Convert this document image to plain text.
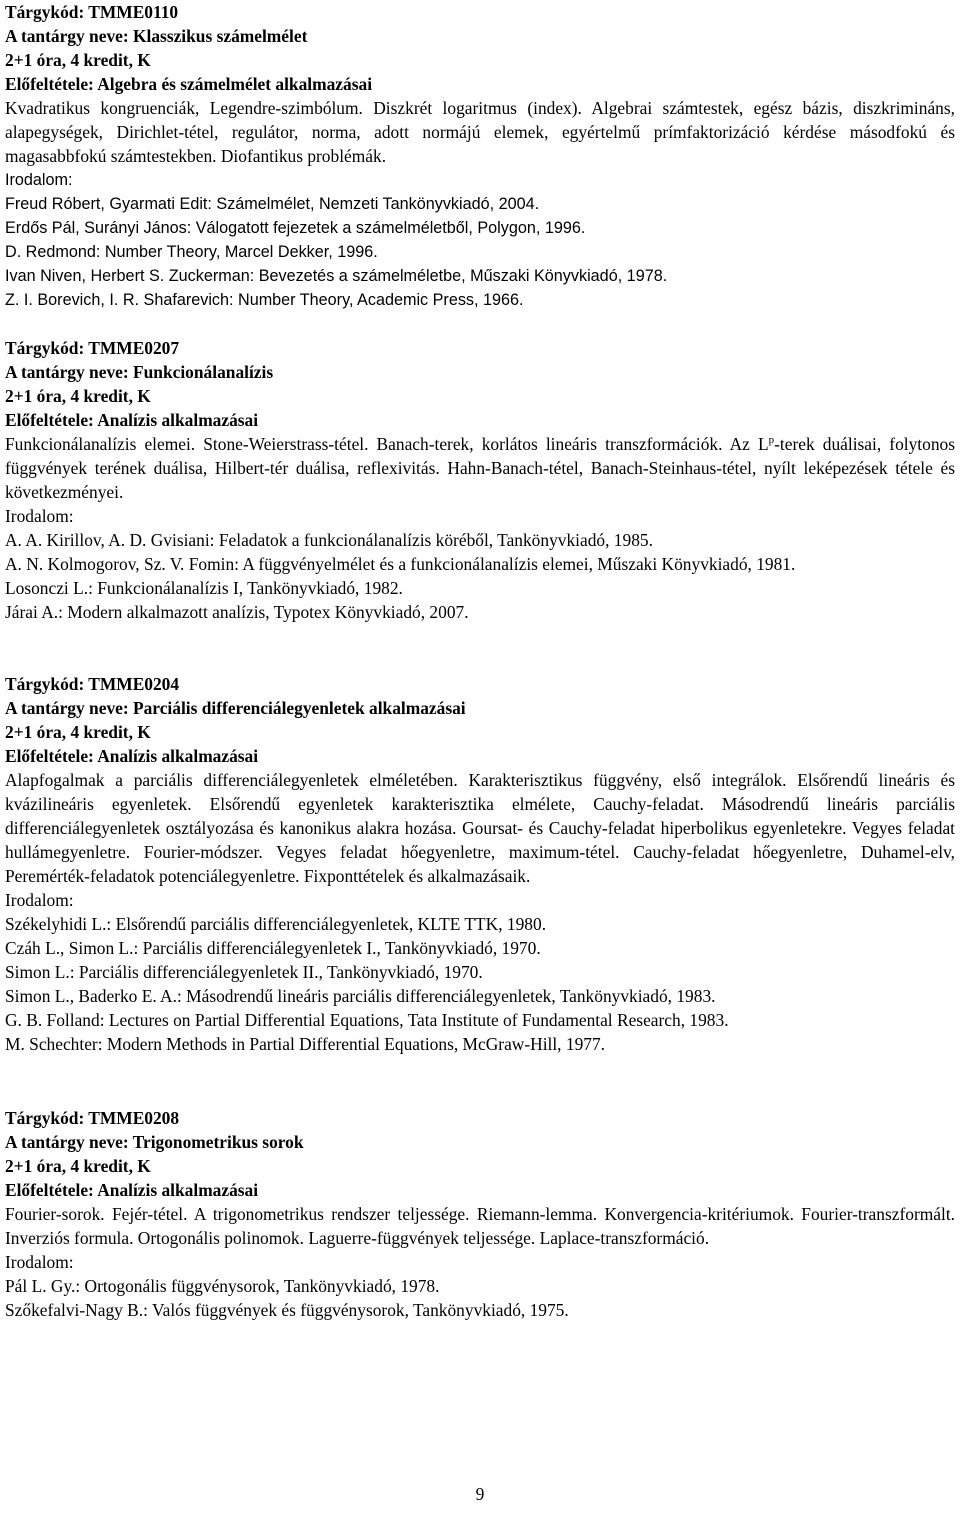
Tárgykód: TMME0110
A tantárgy neve: Klasszikus számelmélet
2+1 óra, 4 kredit, K
Előfeltétele: Algebra és számelmélet alkalmazásai

Kvadratikus kongruenciák, Legendre-szimbólum. Diszkrét logaritmus (index). Algebrai számtestek, egész bázis, diszkrimináns, alapegységek, Dirichlet-tétel, regulátor, norma, adott normájú elemek, egyértelmű prímfaktorizáció kérdése másodfokú és magasabbfokú számtestekben. Diofantikus problémák.

Irodalom:

Freud Róbert, Gyarmati Edit: Számelmélet, Nemzeti Tankönyvkiadó, 2004.

Erdős Pál, Surányi János: Válogatott fejezetek a számelméletből, Polygon, 1996.

D. Redmond: Number Theory, Marcel Dekker, 1996.

Ivan Niven, Herbert S. Zuckerman: Bevezetés a számelméletbe, Műszaki Könyvkiadó, 1978.

Z. I. Borevich, I. R. Shafarevich: Number Theory, Academic Press, 1966.

Tárgykód: TMME0207
A tantárgy neve: Funkcionálanalízis
2+1 óra, 4 kredit, K
Előfeltétele: Analízis alkalmazásai

Funkcionálanalízis elemei. Stone-Weierstrass-tétel. Banach-terek, korlátos lineáris transzformációk. Az $L^p$-terek duálisai, folytonos függvények terének duálisa, Hilbert-tér duálisa, reflexivitás. Hahn-Banach-tétel, Banach-Steinhaus-tétel, nyílt leképezések tétele és következményei.

Irodalom:

A. A. Kirillov, A. D. Gvisiani: Feladatok a funkcionálanalízis köréből, Tankönyvkiadó, 1985.

A. N. Kolmogorov, Sz. V. Fomin: A függvényelmélet és a funkcionálanalízis elemei, Műszaki Könyvkiadó, 1981.

Losonczi L.: Funkcionálanalízis I, Tankönyvkiadó, 1982.

Járai A.: Modern alkalmazott analízis, Typotex Könyvkiadó, 2007.

Tárgykód: TMME0204
A tantárgy neve: Parciális differenciálegyenletek alkalmazásai
2+1 óra, 4 kredit, K
Előfeltétele: Analízis alkalmazásai

Alapfogalmak a parciális differenciálegyenletek elméletében. Karakterisztikus függvény, első integrálok. Elsőrendű lineáris és kvázilineáris egyenletek. Elsőrendű egyenletek karakterisztika elmélete, Cauchy-feladat. Másodrendű lineáris parciális differenciálegyenletek osztályozása és kanonikus alakra hozása. Goursat- és Cauchy-feladat hiperbolikus egyenletekre. Vegyes feladat hullámegyenletre. Fourier-módszer. Vegyes feladat hőegyenletre, maximum-tétel. Cauchy-feladat hőegyenletre, Duhamel-elv, Peremérték-feladatok potenciálegyenletre. Fixponttételek és alkalmazásaik.

Irodalom:

Székelyhidi L.: Elsőrendű parciális differenciálegyenletek, KLTE TTK, 1980.

Czáh L., Simon L.: Parciális differenciálegyenletek I., Tankönyvkiadó, 1970.

Simon L.: Parciális differenciálegyenletek II., Tankönyvkiadó, 1970.

Simon L., Baderko E. A.: Másodrendű lineáris parciális differenciálegyenletek, Tankönyvkiadó, 1983.

G. B. Folland: Lectures on Partial Differential Equations, Tata Institute of Fundamental Research, 1983.

M. Schechter: Modern Methods in Partial Differential Equations, McGraw-Hill, 1977.

Tárgykód: TMME0208
A tantárgy neve: Trigonometrikus sorok
2+1 óra, 4 kredit, K
Előfeltétele: Analízis alkalmazásai

Fourier-sorok. Fejér-tétel. A trigonometrikus rendszer teljessége. Riemann-lemma. Konvergencia-kritériumok. Fourier-transzformált. Inverziós formula. Ortogonális polinomok. Laguerre-függvények teljessége. Laplace-transzformáció.

Irodalom:

Pál L. Gy.: Ortogonális függvénysorok, Tankönyvkiadó, 1978.

Szőkefalvi-Nagy B.: Valós függvények és függvénysorok, Tankönyvkiadó, 1975.

9
